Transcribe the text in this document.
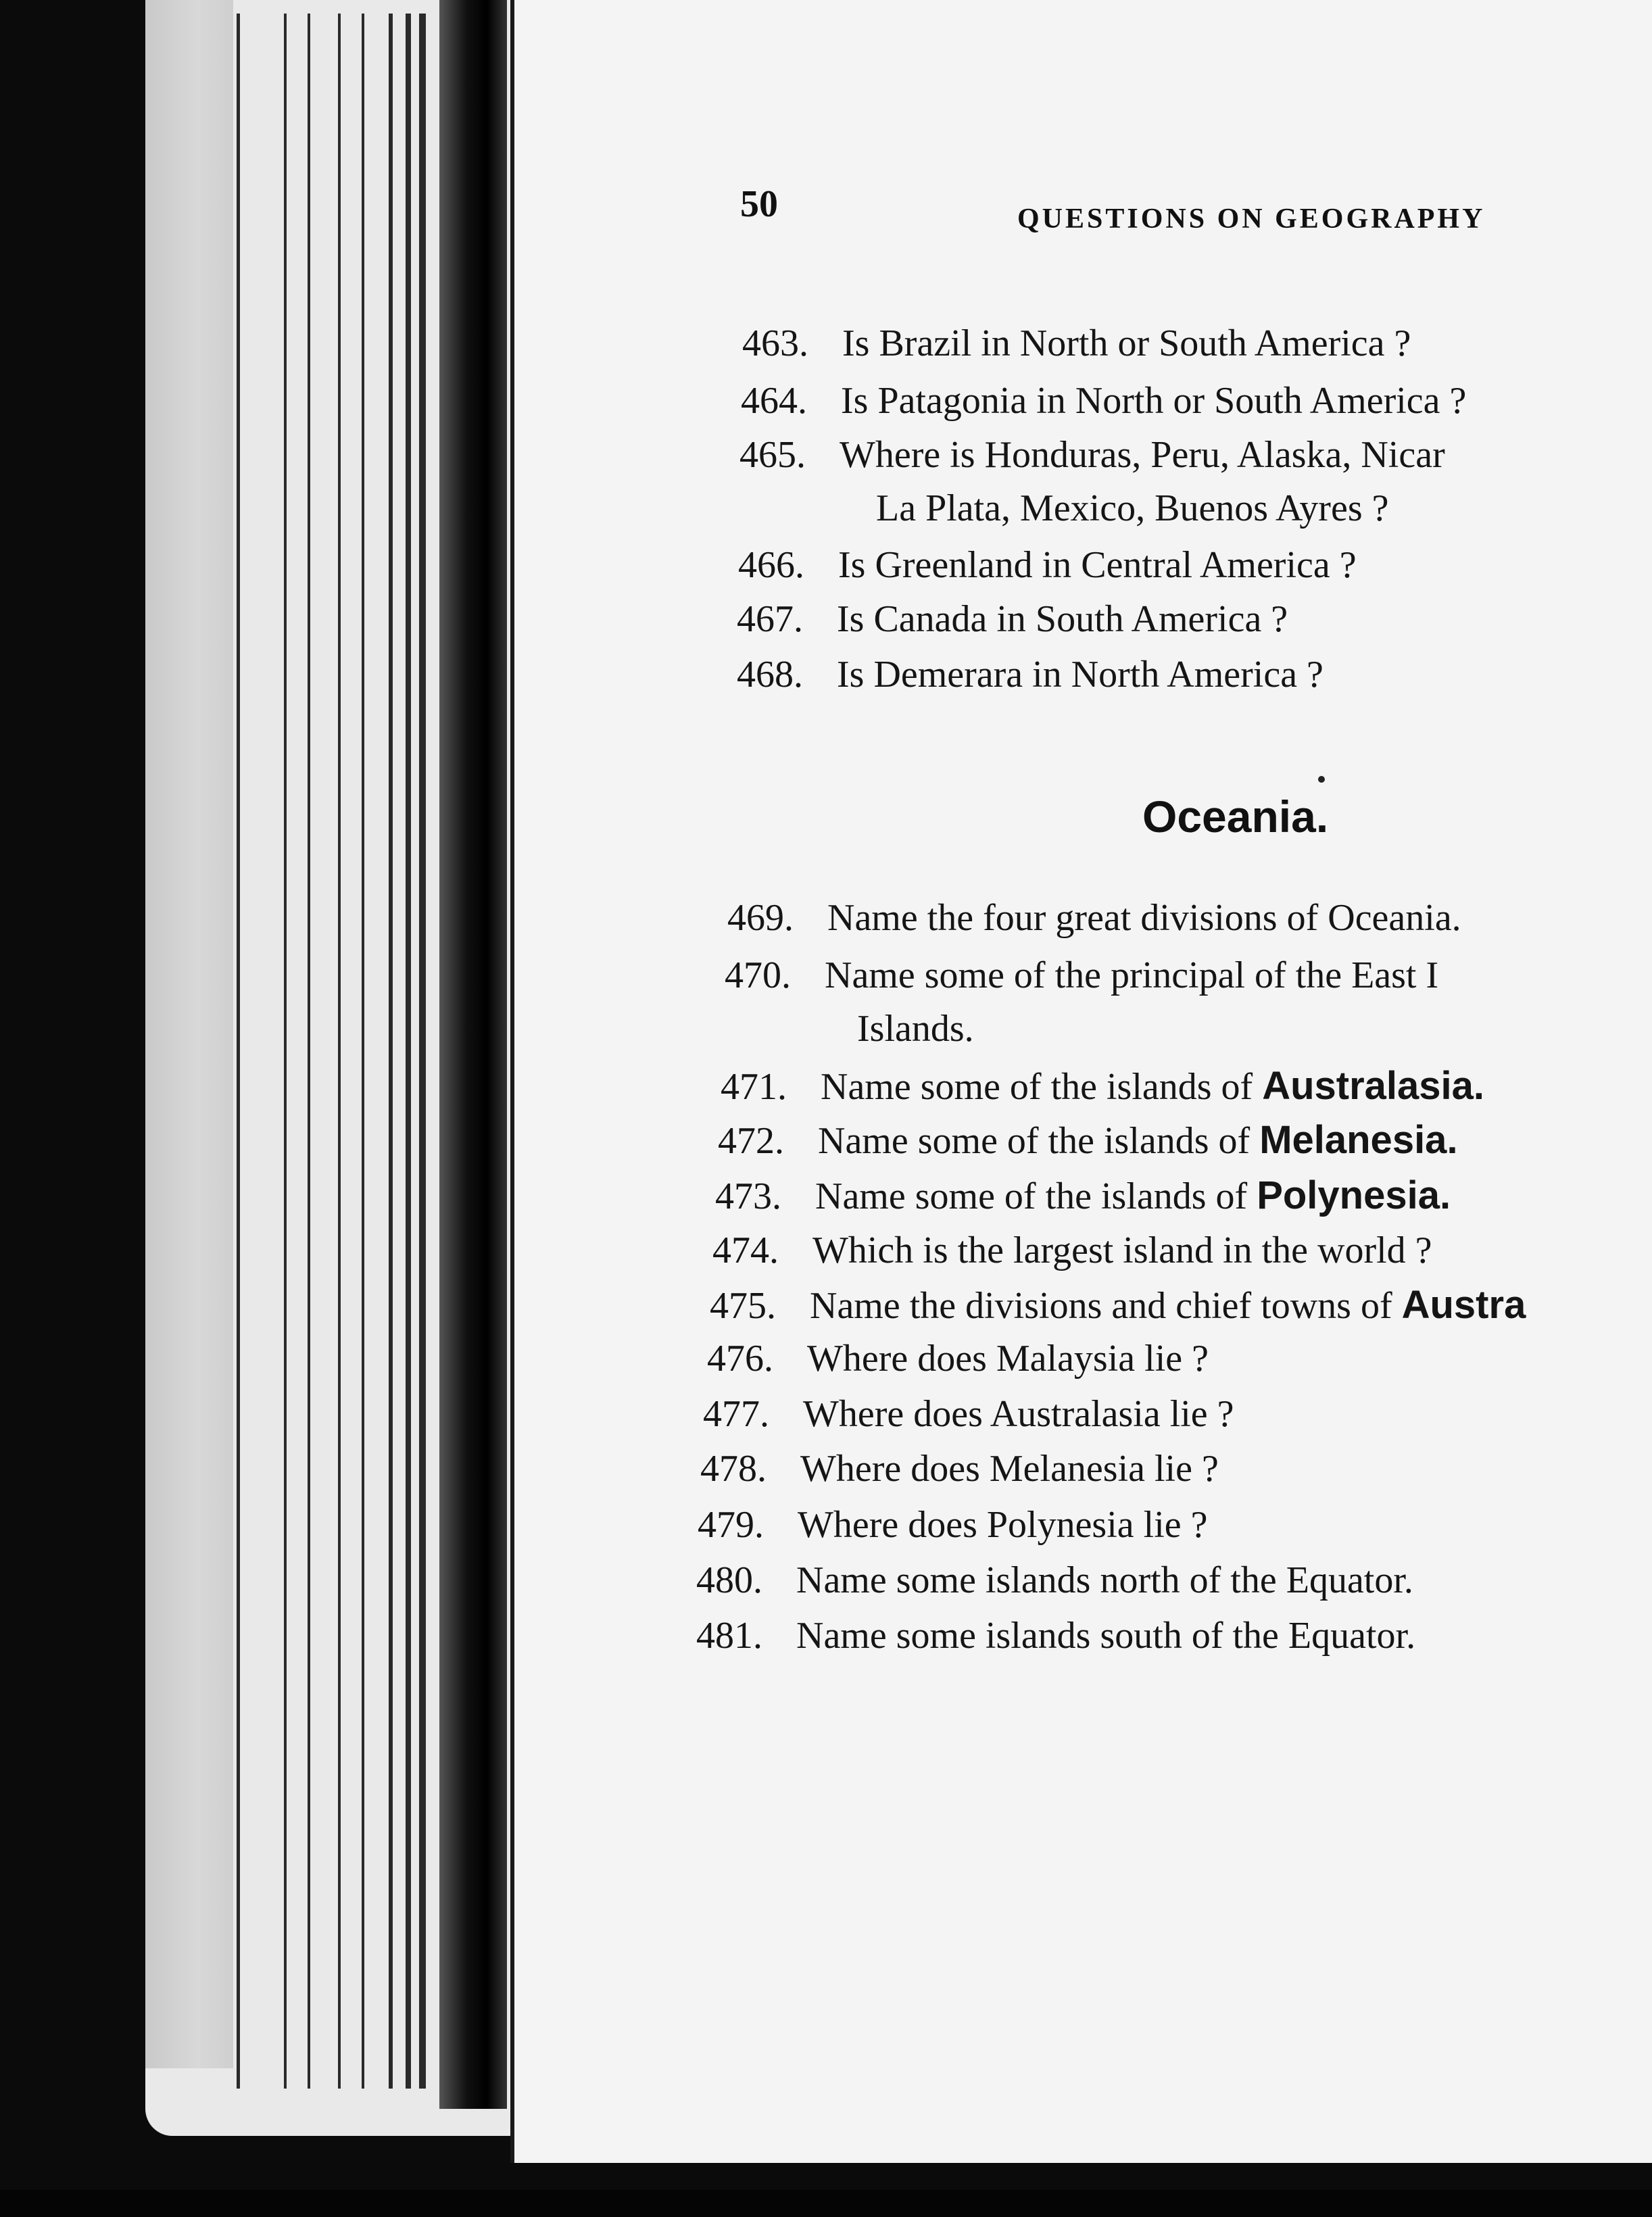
50	QUESTIONS ON GEOGRAPHY
463. Is Brazil in North or South America ?
464. Is Patagonia in North or South America ?
465. Where is Honduras, Peru, Alaska, Nicar
La Plata, Mexico, Buenos Ayres ?
466. Is Greenland in Central America ?
467. Is Canada in South America ?
468. Is Demerara in North America ?
Oceania.
469. Name the four great divisions of Oceania.
470. Name some of the principal of the East I
Islands.
471. Name some of the islands of Australasia.
472. Name some of the islands of Melanesia.
473. Name some of the islands of Polynesia.
474. Which is the largest island in the world ?
475. Name the divisions and chief towns of Austra
476. Where does Malaysia lie ?
477. Where does Australasia lie ?
478. Where does Melanesia lie ?
479. Where does Polynesia lie ?
480. Name some islands north of the Equator.
481. Name some islands south of the Equator.
